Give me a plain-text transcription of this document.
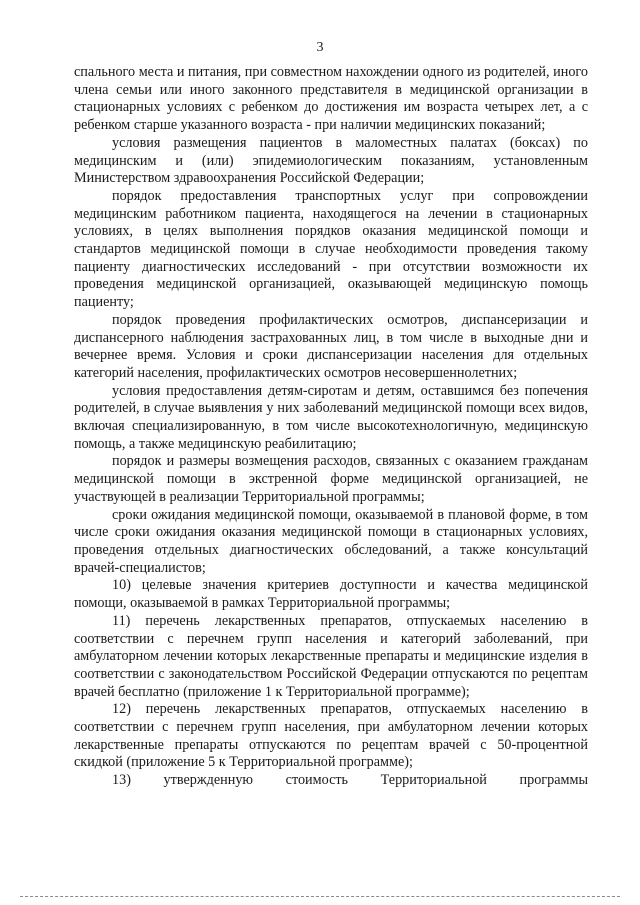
3

спального места и питания, при совместном нахождении одного из родителей, иного члена семьи или иного законного представителя в медицинской организации в стационарных условиях с ребенком до достижения им возраста четырех лет, а с ребенком старше указанного возраста - при наличии медицинских показаний;

условия размещения пациентов в маломестных палатах (боксах) по медицинским и (или) эпидемиологическим показаниям, установленным Министерством здравоохранения Российской Федерации;

порядок предоставления транспортных услуг при сопровождении медицинским работником пациента, находящегося на лечении в стационарных условиях, в целях выполнения порядков оказания медицинской помощи и стандартов медицинской помощи в случае необходимости проведения такому пациенту диагностических исследований - при отсутствии возможности их проведения медицинской организацией, оказывающей медицинскую помощь пациенту;

порядок проведения профилактических осмотров, диспансеризации и диспансерного наблюдения застрахованных лиц, в том числе в выходные дни и вечернее время. Условия и сроки диспансеризации населения для отдельных категорий населения, профилактических осмотров несовершеннолетних;

условия предоставления детям-сиротам и детям, оставшимся без попечения родителей, в случае выявления у них заболеваний медицинской помощи всех видов, включая специализированную, в том числе высокотехнологичную, медицинскую помощь, а также медицинскую реабилитацию;

порядок и размеры возмещения расходов, связанных с оказанием гражданам медицинской помощи в экстренной форме медицинской организацией, не участвующей в реализации Территориальной программы;

сроки ожидания медицинской помощи, оказываемой в плановой форме, в том числе сроки ожидания оказания медицинской помощи в стационарных условиях, проведения отдельных диагностических обследований, а также консультаций врачей-специалистов;

10) целевые значения критериев доступности и качества медицинской помощи, оказываемой в рамках Территориальной программы;

11) перечень лекарственных препаратов, отпускаемых населению в соответствии с перечнем групп населения и категорий заболеваний, при амбулаторном лечении которых лекарственные препараты и медицинские изделия в соответствии с законодательством Российской Федерации отпускаются по рецептам врачей бесплатно (приложение 1 к Территориальной программе);

12) перечень лекарственных препаратов, отпускаемых населению в соответствии с перечнем групп населения, при амбулаторном лечении которых лекарственные препараты отпускаются по рецептам врачей с 50-процентной скидкой (приложение 5 к Территориальной программе);

13) утвержденную стоимость Территориальной программы
